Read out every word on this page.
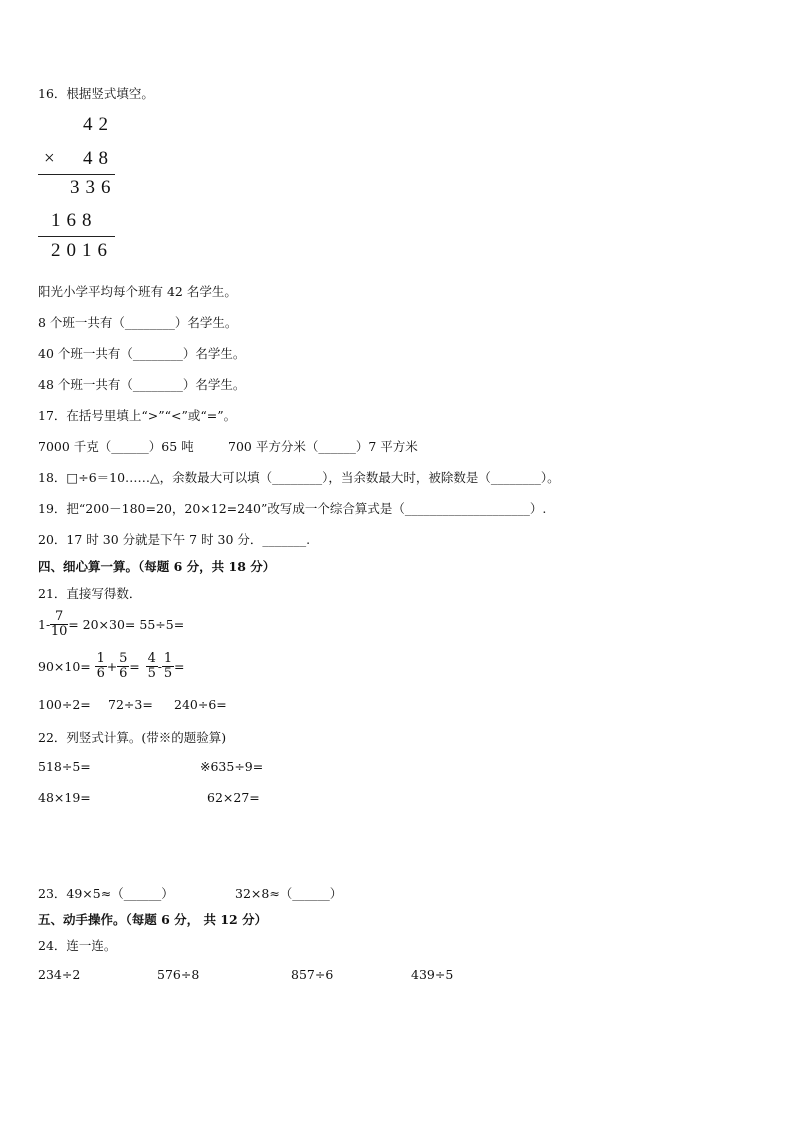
16．根据竖式填空。
42
× 48
336
168
2016
阳光小学平均每个班有 42 名学生。
8 个班一共有（________）名学生。
40 个班一共有（________）名学生。
48 个班一共有（________）名学生。
17．在括号里填上“>”“<”或“=”。
7000 千克（______）65 吨	700 平方分米（______）7 平方米
18．□÷6＝10……△，余数最大可以填（________），当余数最大时，被除数是（________）。
19．把“200－180=20，20×12=240”改写成一个综合算式是（____________________）.
20．17 时 30 分就是下午 7 时 30 分．_______.
四、细心算一算。（每题 6 分，共 18 分）
21．直接写得数．
$1- \frac{7}{10} = 20\times 30= 55\div 5=$
$90\times 10= \frac{1}{6} + \frac{5}{6} = \frac{4}{5} - \frac{1}{5}$ =
100÷2= 72÷3= 240÷6=
22．列竖式计算。(带※的题验算)
518÷5=	※635÷9=
48×19=	62×27=
23．49×5≈（______）	32×8≈（______）
五、动手操作。（每题 6 分， 共 12 分）
24．连一连。
234÷2	576÷8	857÷6	439÷5
